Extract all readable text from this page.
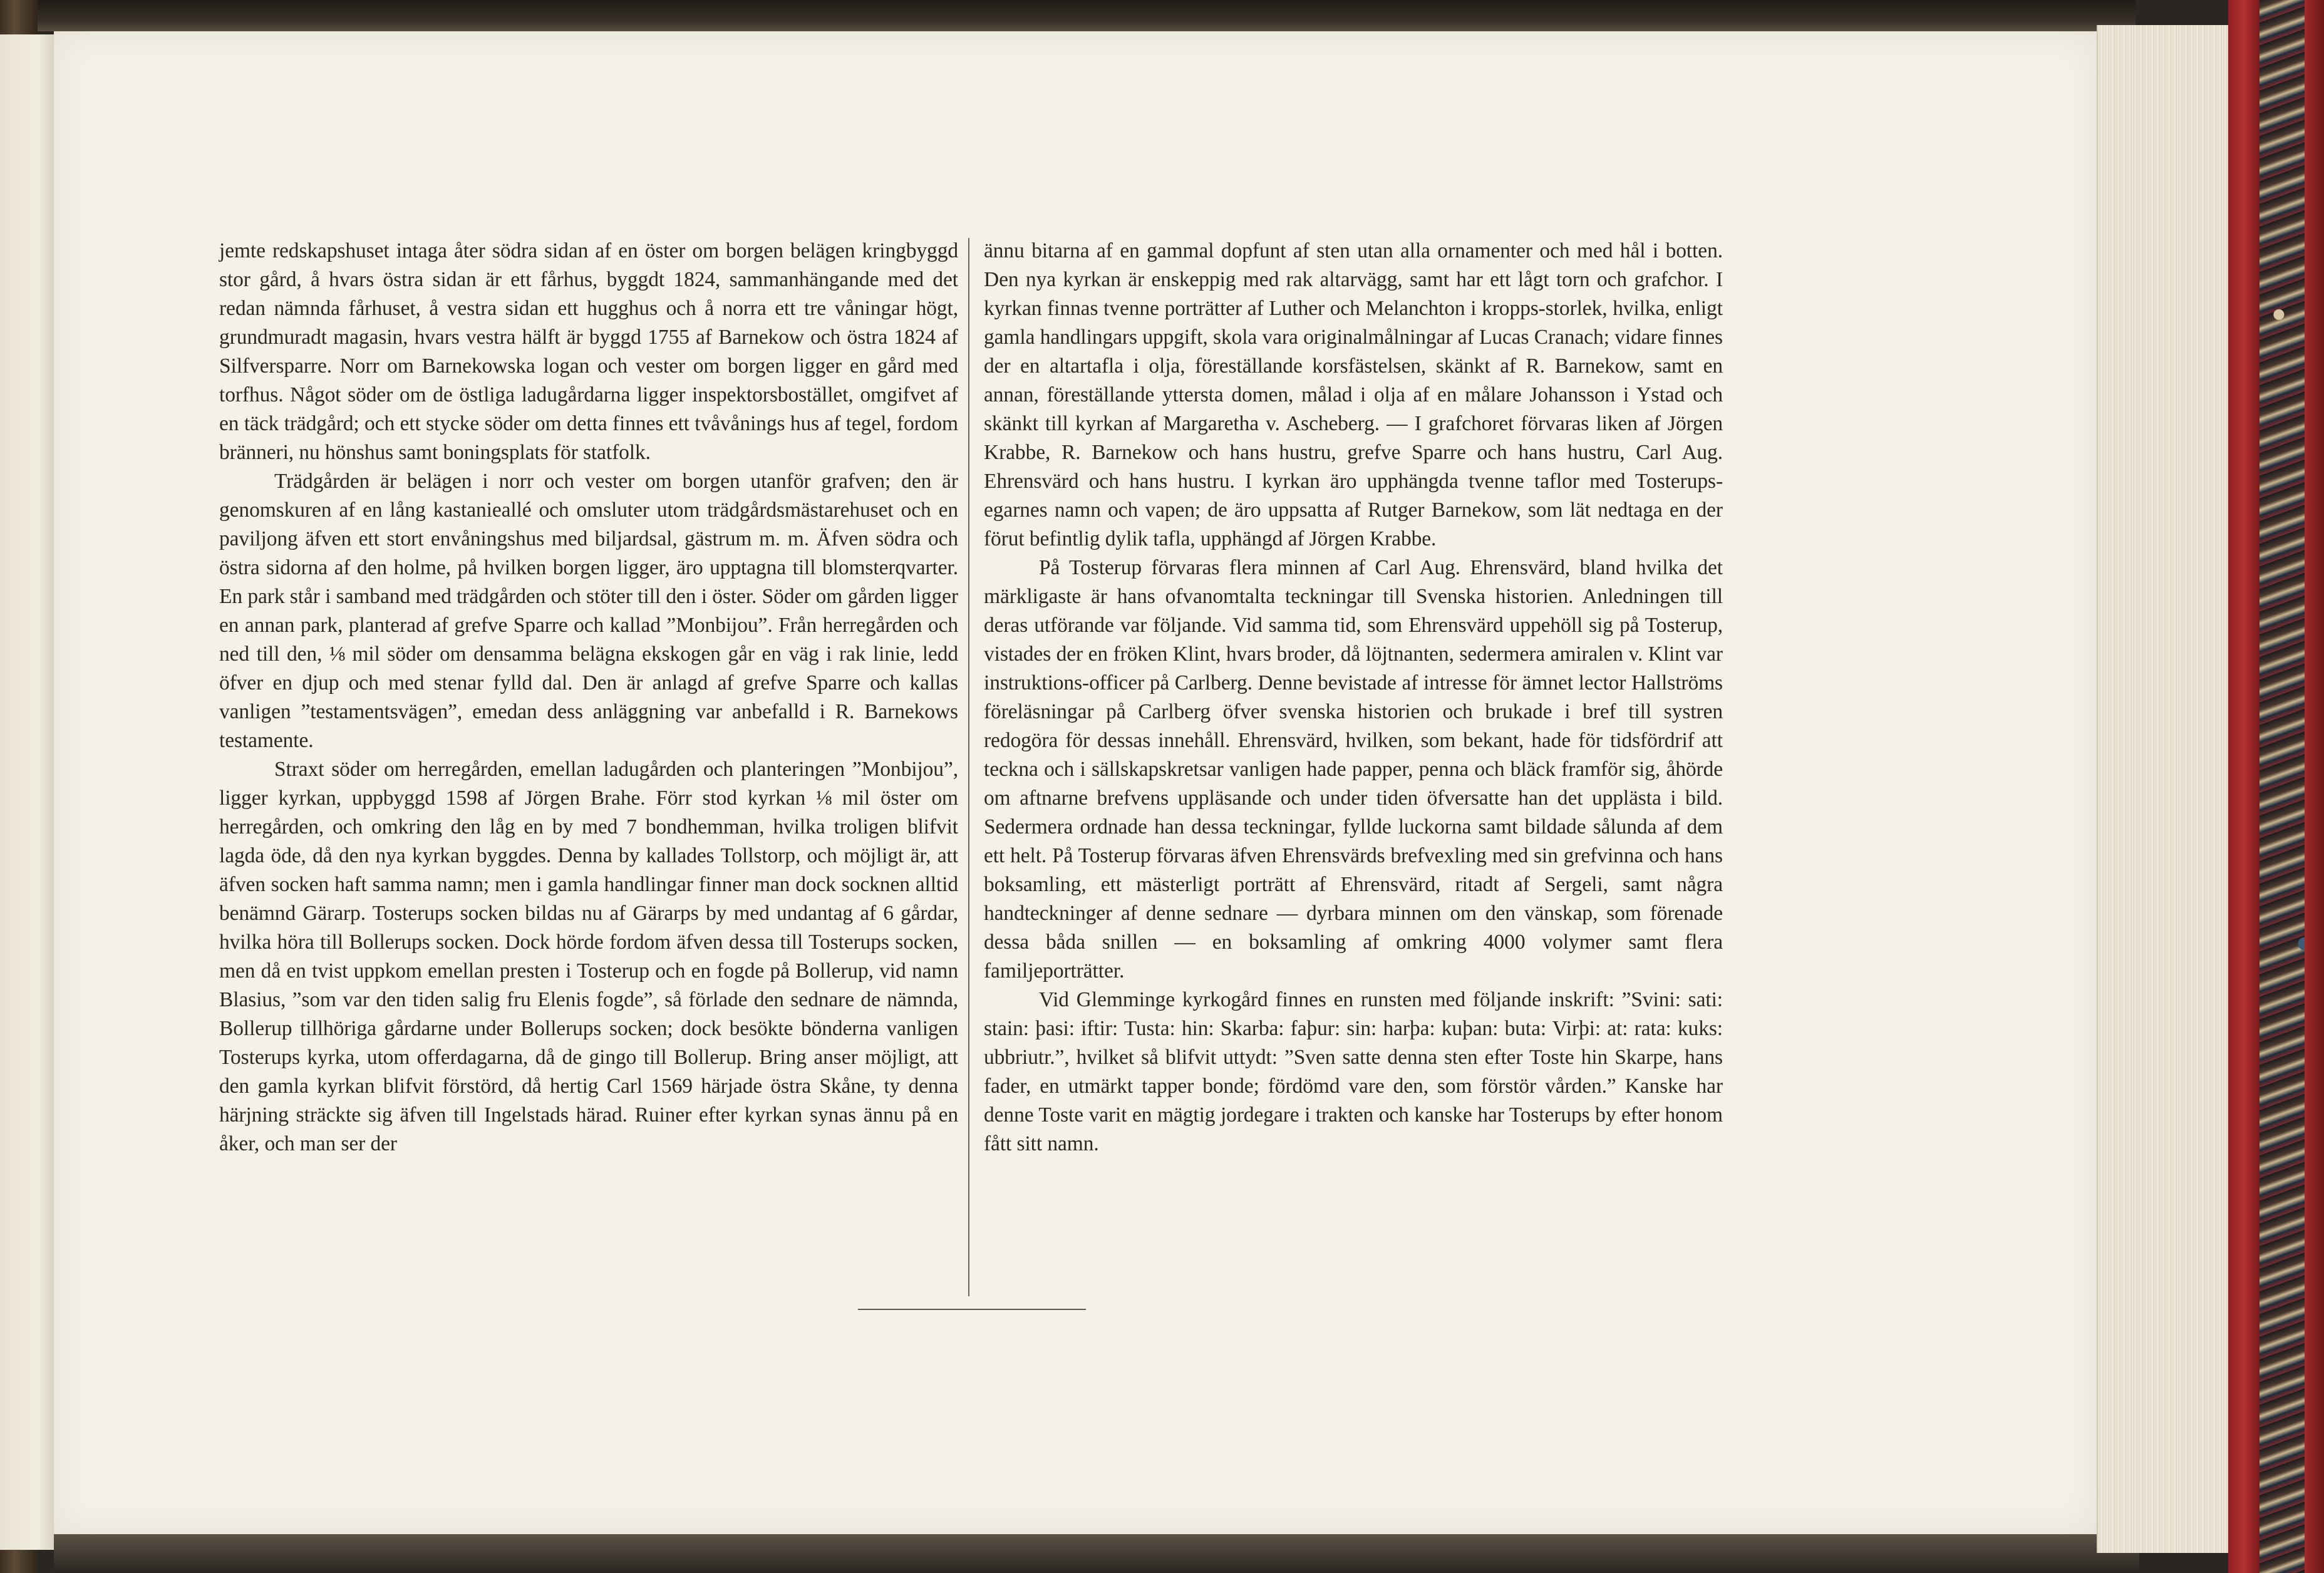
jemte redskapshuset intaga åter södra sidan af en öster om borgen belägen kringbyggd stor gård, å hvars östra sidan är ett fårhus, byggdt 1824, sammanhängande med det redan nämnda fårhuset, å vestra sidan ett hugghus och å norra ett tre våningar högt, grundmuradt magasin, hvars vestra hälft är byggd 1755 af Barnekow och östra 1824 af Silfversparre. Norr om Barnekowska logan och vester om borgen ligger en gård med torfhus. Något söder om de östliga ladugårdarna ligger inspektorsbostället, omgifvet af en täck trädgård; och ett stycke söder om detta finnes ett tvåvånings hus af tegel, fordom bränneri, nu hönshus samt boningsplats för statfolk.

Trädgården är belägen i norr och vester om borgen utanför grafven; den är genomskuren af en lång kastanieallé och omsluter utom trädgårdsmästarehuset och en paviljong äfven ett stort envåningshus med biljardsal, gästrum m. m. Äfven södra och östra sidorna af den holme, på hvilken borgen ligger, äro upptagna till blomsterqvarter. En park står i samband med trädgården och stöter till den i öster. Söder om gården ligger en annan park, planterad af grefve Sparre och kallad ”Monbijou”. Från herregården och ned till den, ⅛ mil söder om densamma belägna ekskogen går en väg i rak linie, ledd öfver en djup och med stenar fylld dal. Den är anlagd af grefve Sparre och kallas vanligen ”testamentsvägen”, emedan dess anläggning var anbefalld i R. Barnekows testamente.

Straxt söder om herregården, emellan ladugården och planteringen ”Monbijou”, ligger kyrkan, uppbyggd 1598 af Jörgen Brahe. Förr stod kyrkan ⅛ mil öster om herregården, och omkring den låg en by med 7 bondhemman, hvilka troligen blifvit lagda öde, då den nya kyrkan byggdes. Denna by kallades Tollstorp, och möjligt är, att äfven socken haft samma namn; men i gamla handlingar finner man dock socknen alltid benämnd Gärarp. Tosterups socken bildas nu af Gärarps by med undantag af 6 gårdar, hvilka höra till Bollerups socken. Dock hörde fordom äfven dessa till Tosterups socken, men då en tvist uppkom emellan presten i Tosterup och en fogde på Bollerup, vid namn Blasius, ”som var den tiden salig fru Elenis fogde”, så förlade den sednare de nämnda, Bollerup tillhöriga gårdarne under Bollerups socken; dock besökte bönderna vanligen Tosterups kyrka, utom offerdagarna, då de gingo till Bollerup. Bring anser möjligt, att den gamla kyrkan blifvit förstörd, då hertig Carl 1569 härjade östra Skåne, ty denna härjning sträckte sig äfven till Ingelstads härad. Ruiner efter kyrkan synas ännu på en åker, och man ser der

ännu bitarna af en gammal dopfunt af sten utan alla ornamenter och med hål i botten. Den nya kyrkan är enskeppig med rak altarvägg, samt har ett lågt torn och grafchor. I kyrkan finnas tvenne porträtter af Luther och Melanchton i kropps-storlek, hvilka, enligt gamla handlingars uppgift, skola vara originalmålningar af Lucas Cranach; vidare finnes der en altartafla i olja, föreställande korsfästelsen, skänkt af R. Barnekow, samt en annan, föreställande yttersta domen, målad i olja af en målare Johansson i Ystad och skänkt till kyrkan af Margaretha v. Ascheberg. — I grafchoret förvaras liken af Jörgen Krabbe, R. Barnekow och hans hustru, grefve Sparre och hans hustru, Carl Aug. Ehrensvärd och hans hustru. I kyrkan äro upphängda tvenne taflor med Tosterups-egarnes namn och vapen; de äro uppsatta af Rutger Barnekow, som lät nedtaga en der förut befintlig dylik tafla, upphängd af Jörgen Krabbe.

På Tosterup förvaras flera minnen af Carl Aug. Ehrensvärd, bland hvilka det märkligaste är hans ofvanomtalta teckningar till Svenska historien. Anledningen till deras utförande var följande. Vid samma tid, som Ehrensvärd uppehöll sig på Tosterup, vistades der en fröken Klint, hvars broder, då löjtnanten, sedermera amiralen v. Klint var instruktions-officer på Carlberg. Denne bevistade af intresse för ämnet lector Hallströms föreläsningar på Carlberg öfver svenska historien och brukade i bref till systren redogöra för dessas innehåll. Ehrensvärd, hvilken, som bekant, hade för tidsfördrif att teckna och i sällskapskretsar vanligen hade papper, penna och bläck framför sig, åhörde om aftnarne brefvens uppläsande och under tiden öfversatte han det upplästa i bild. Sedermera ordnade han dessa teckningar, fyllde luckorna samt bildade sålunda af dem ett helt. På Tosterup förvaras äfven Ehrensvärds brefvexling med sin grefvinna och hans boksamling, ett mästerligt porträtt af Ehrensvärd, ritadt af Sergeli, samt några handteckninger af denne sednare — dyrbara minnen om den vänskap, som förenade dessa båda snillen — en boksamling af omkring 4000 volymer samt flera familjeporträtter.

Vid Glemminge kyrkogård finnes en runsten med följande inskrift: ”Svini: sati: stain: þasi: iftir: Tusta: hin: Skarba: faþur: sin: harþa: kuþan: buta: Virþi: at: rata: kuks: ubbriutr.”, hvilket så blifvit uttydt: ”Sven satte denna sten efter Toste hin Skarpe, hans fader, en utmärkt tapper bonde; fördömd vare den, som förstör vården.” Kanske har denne Toste varit en mägtig jordegare i trakten och kanske har Tosterups by efter honom fått sitt namn.
